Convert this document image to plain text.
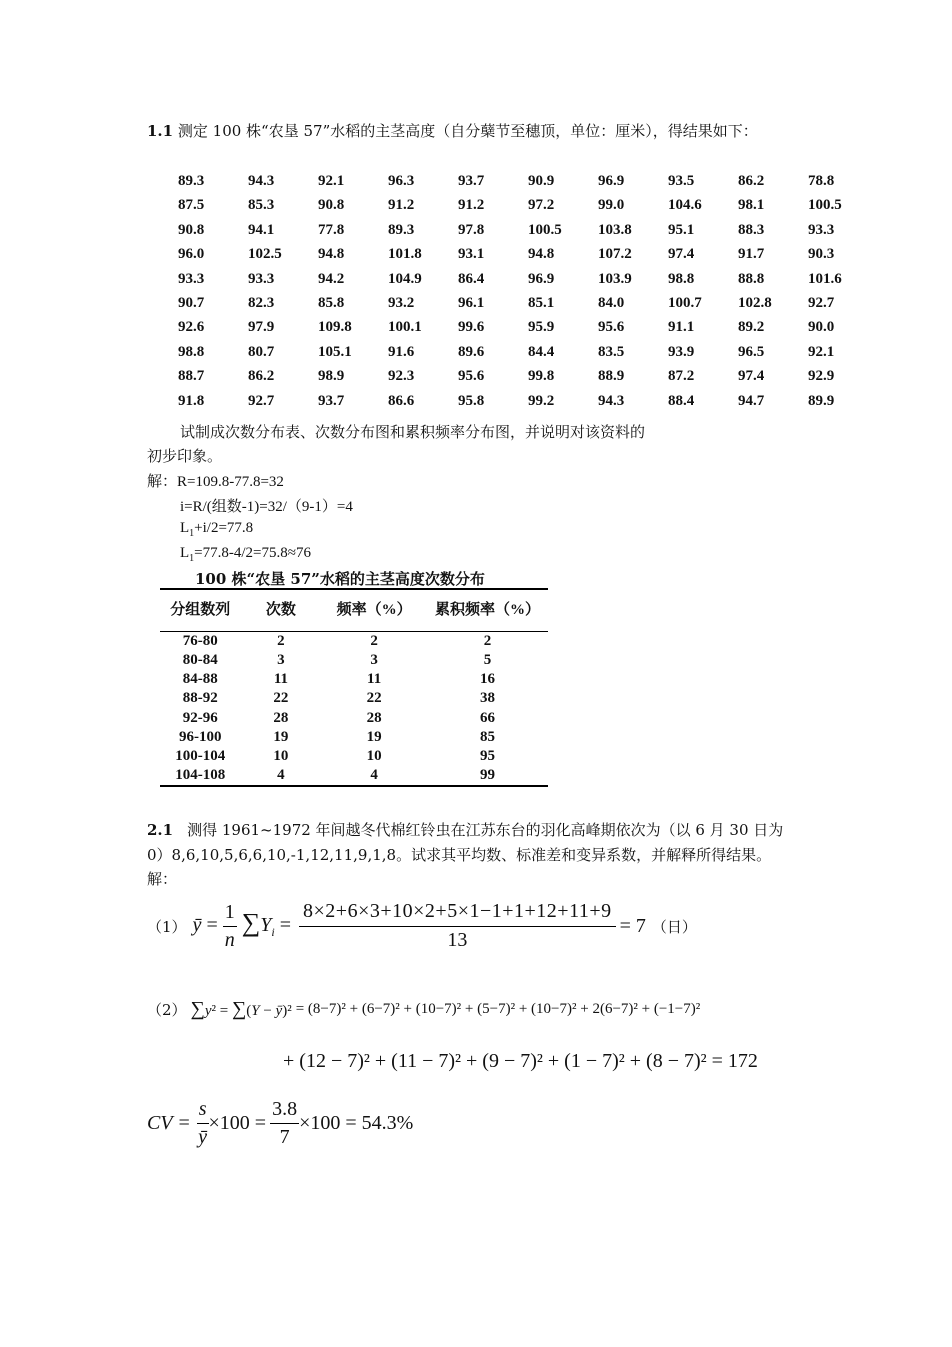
1.1 测定 100 株“农垦 57”水稻的主茎高度（自分蘖节至穗顶，单位：厘米），得结果如下：
89.3	94.3	92.1	96.3	93.7	90.9	96.9	93.5	86.2	78.8
87.5	85.3	90.8	91.2	91.2	97.2	99.0	104.6	98.1	100.5
90.8	94.1	77.8	89.3	97.8	100.5	103.8	95.1	88.3	93.3
96.0	102.5	94.8	101.8	93.1	94.8	107.2	97.4	91.7	90.3
93.3	93.3	94.2	104.9	86.4	96.9	103.9	98.8	88.8	101.6
90.7	82.3	85.8	93.2	96.1	85.1	84.0	100.7	102.8	92.7
92.6	97.9	109.8	100.1	99.6	95.9	95.6	91.1	89.2	90.0
98.8	80.7	105.1	91.6	89.6	84.4	83.5	93.9	96.5	92.1
88.7	86.2	98.9	92.3	95.6	99.8	88.9	87.2	97.4	92.9
91.8	92.7	93.7	86.6	95.8	99.2	94.3	88.4	94.7	89.9
试制成次数分布表、次数分布图和累积频率分布图，并说明对该资料的
初步印象。
解：R=109.8-77.8=32
i=R/(组数-1)=32/（9-1）=4
$L_1+i/2=77.8$
$L_1=77.8-4/2=75.8\approx 76$
100 株“农垦 57”水稻的主茎高度次数分布
分组数列	次数	频率（%）	累积频率（%）
76-80	2	2	2
80-84	3	3	5
84-88	11	11	16
88-92	22	22	38
92-96	28	28	66
96-100	19	19	85
100-104	10	10	95
104-108	4	4	99
2.1 测得 1961~1972 年间越冬代棉红铃虫在江苏东台的羽化高峰期依次为（以 6 月 30 日为
0）8,6,10,5,6,6,10,-1,12,11,9,1,8。试求其平均数、标准差和变异系数，并解释所得结果。
解：
（1） ȳ = $\frac{1}{n} \sum Y_i = \frac{8\times 2+6\times 3+10\times 2+5\times 1-1+1+12+11+9}{13} = 7$ （日）
（2） ∑y² = ∑(Y − ȳ)² = (8−7)² + (6−7)² + (10−7)² + (5−7)² + (10−7)² + 2(6−7)² + (−1−7)²
+ (12 − 7)² + (11 − 7)² + (9 − 7)² + (1 − 7)² + (8 − 7)² = 172
CV = $\frac{s}{ȳ} \times 100 = \frac{3.8}{7} \times 100 = 54.3\%$
